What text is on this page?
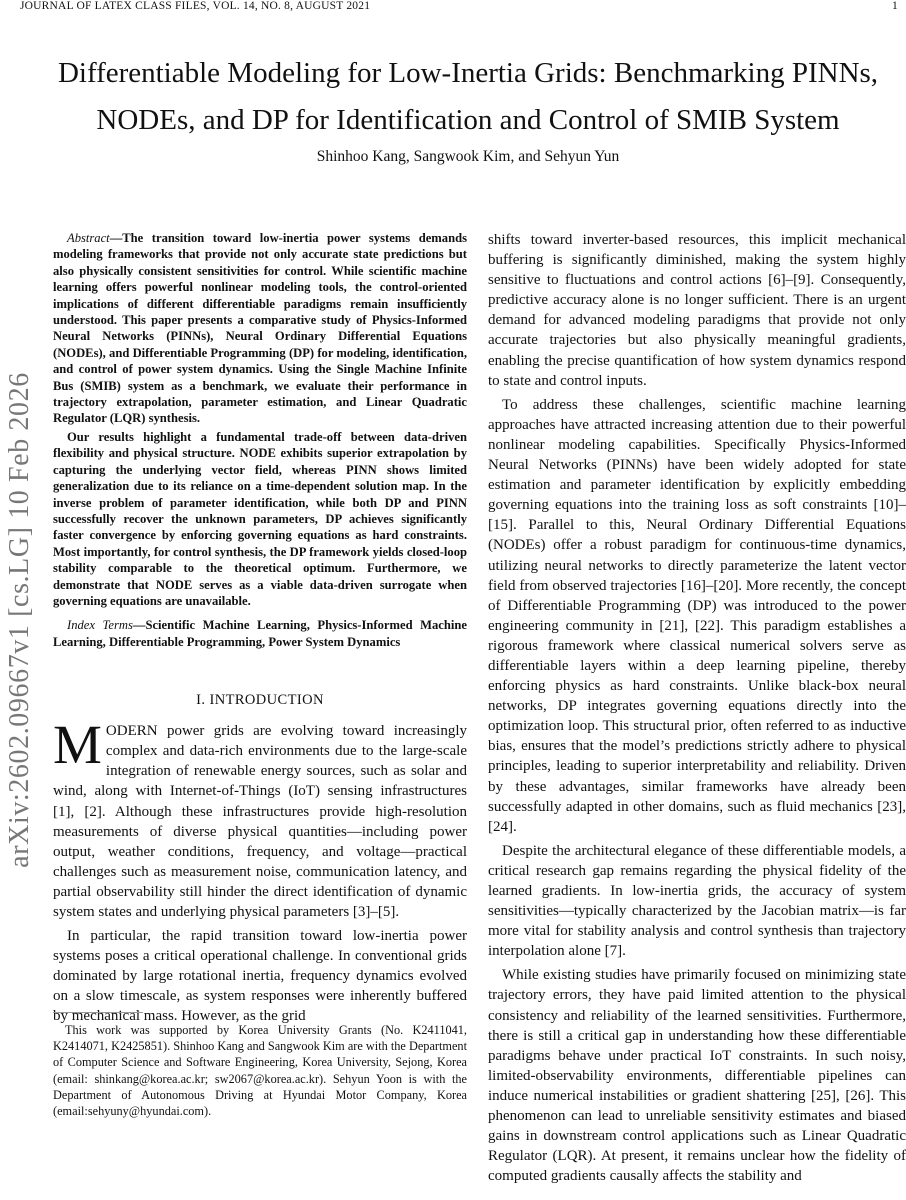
JOURNAL OF LATEX CLASS FILES, VOL. 14, NO. 8, AUGUST 2021	1
arXiv:2602.09667v1 [cs.LG] 10 Feb 2026
Differentiable Modeling for Low-Inertia Grids: Benchmarking PINNs,
NODEs, and DP for Identification and Control of SMIB System
Shinhoo Kang, Sangwook Kim, and Sehyun Yun

Abstract—The transition toward low-inertia power systems demands modeling frameworks that provide not only accurate state predictions but also physically consistent sensitivities for control. While scientific machine learning offers powerful nonlinear modeling tools, the control-oriented implications of different differentiable paradigms remain insufficiently understood. This paper presents a comparative study of Physics-Informed Neural Networks (PINNs), Neural Ordinary Differential Equations (NODEs), and Differentiable Programming (DP) for modeling, identification, and control of power system dynamics. Using the Single Machine Infinite Bus (SMIB) system as a benchmark, we evaluate their performance in trajectory extrapolation, parameter estimation, and Linear Quadratic Regulator (LQR) synthesis.

Our results highlight a fundamental trade-off between data-driven flexibility and physical structure. NODE exhibits superior extrapolation by capturing the underlying vector field, whereas PINN shows limited generalization due to its reliance on a time-dependent solution map. In the inverse problem of parameter identification, while both DP and PINN successfully recover the unknown parameters, DP achieves significantly faster convergence by enforcing governing equations as hard constraints. Most importantly, for control synthesis, the DP framework yields closed-loop stability comparable to the theoretical optimum. Furthermore, we demonstrate that NODE serves as a viable data-driven surrogate when governing equations are unavailable.

Index Terms—Scientific Machine Learning, Physics-Informed Machine Learning, Differentiable Programming, Power System Dynamics

I. INTRODUCTION

MODERN power grids are evolving toward increasingly complex and data-rich environments due to the large-scale integration of renewable energy sources, such as solar and wind, along with Internet-of-Things (IoT) sensing infrastructures [1], [2]. Although these infrastructures provide high-resolution measurements of diverse physical quantities—including power output, weather conditions, frequency, and voltage—practical challenges such as measurement noise, communication latency, and partial observability still hinder the direct identification of dynamic system states and underlying physical parameters [3]–[5].

In particular, the rapid transition toward low-inertia power systems poses a critical operational challenge. In conventional grids dominated by large rotational inertia, frequency dynamics evolved on a slow timescale, as system responses were inherently buffered by mechanical mass. However, as the grid

This work was supported by Korea University Grants (No. K2411041, K2414071, K2425851). Shinhoo Kang and Sangwook Kim are with the Department of Computer Science and Software Engineering, Korea University, Sejong, Korea (email: shinkang@korea.ac.kr; sw2067@korea.ac.kr). Sehyun Yoon is with the Department of Autonomous Driving at Hyundai Motor Company, Korea (email:sehyuny@hyundai.com).

shifts toward inverter-based resources, this implicit mechanical buffering is significantly diminished, making the system highly sensitive to fluctuations and control actions [6]–[9]. Consequently, predictive accuracy alone is no longer sufficient. There is an urgent demand for advanced modeling paradigms that provide not only accurate trajectories but also physically meaningful gradients, enabling the precise quantification of how system dynamics respond to state and control inputs.

To address these challenges, scientific machine learning approaches have attracted increasing attention due to their powerful nonlinear modeling capabilities. Specifically Physics-Informed Neural Networks (PINNs) have been widely adopted for state estimation and parameter identification by explicitly embedding governing equations into the training loss as soft constraints [10]–[15]. Parallel to this, Neural Ordinary Differential Equations (NODEs) offer a robust paradigm for continuous-time dynamics, utilizing neural networks to directly parameterize the latent vector field from observed trajectories [16]–[20]. More recently, the concept of Differentiable Programming (DP) was introduced to the power engineering community in [21], [22]. This paradigm establishes a rigorous framework where classical numerical solvers serve as differentiable layers within a deep learning pipeline, thereby enforcing physics as hard constraints. Unlike black-box neural networks, DP integrates governing equations directly into the optimization loop. This structural prior, often referred to as inductive bias, ensures that the model’s predictions strictly adhere to physical principles, leading to superior interpretability and reliability. Driven by these advantages, similar frameworks have already been successfully adapted in other domains, such as fluid mechanics [23], [24].

Despite the architectural elegance of these differentiable models, a critical research gap remains regarding the physical fidelity of the learned gradients. In low-inertia grids, the accuracy of system sensitivities—typically characterized by the Jacobian matrix—is far more vital for stability analysis and control synthesis than trajectory interpolation alone [7].

While existing studies have primarily focused on minimizing state trajectory errors, they have paid limited attention to the physical consistency and reliability of the learned sensitivities. Furthermore, there is still a critical gap in understanding how these differentiable paradigms behave under practical IoT constraints. In such noisy, limited-observability environments, differentiable pipelines can induce numerical instabilities or gradient shattering [25], [26]. This phenomenon can lead to unreliable sensitivity estimates and biased gains in downstream control applications such as Linear Quadratic Regulator (LQR). At present, it remains unclear how the fidelity of computed gradients causally affects the stability and
